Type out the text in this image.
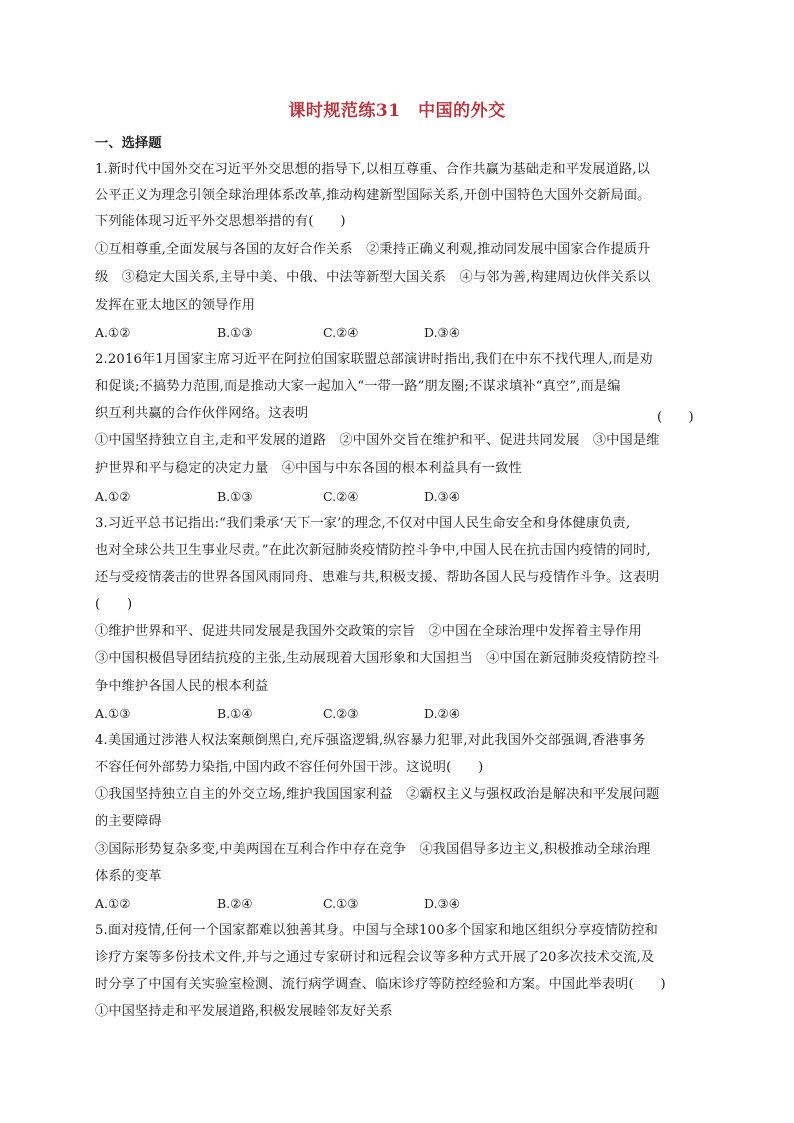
课时规范练31　中国的外交
一、选择题
1.新时代中国外交在习近平外交思想的指导下,以相互尊重、合作共赢为基础走和平发展道路,以
公平正义为理念引领全球治理体系改革,推动构建新型国际关系,开创中国特色大国外交新局面。
下列能体现习近平外交思想举措的有(　　)
①互相尊重,全面发展与各国的友好合作关系　②秉持正确义利观,推动同发展中国家合作提质升
级　③稳定大国关系,主导中美、中俄、中法等新型大国关系　④与邻为善,构建周边伙伴关系以
发挥在亚太地区的领导作用
A.①②	B.①③	C.②④	D.③④
2.2016年1月国家主席习近平在阿拉伯国家联盟总部演讲时指出,我们在中东不找代理人,而是劝
和促谈;不搞势力范围,而是推动大家一起加入“一带一路”朋友圈;不谋求填补“真空”,而是编
织互利共赢的合作伙伴网络。这表明	(　　)
①中国坚持独立自主,走和平发展的道路　②中国外交旨在维护和平、促进共同发展　③中国是维
护世界和平与稳定的决定力量　④中国与中东各国的根本利益具有一致性
A.①②	B.①③	C.②④	D.③④
3.习近平总书记指出:“我们秉承‘天下一家’的理念,不仅对中国人民生命安全和身体健康负责,
也对全球公共卫生事业尽责。”在此次新冠肺炎疫情防控斗争中,中国人民在抗击国内疫情的同时,
还与受疫情袭击的世界各国风雨同舟、患难与共,积极支援、帮助各国人民与疫情作斗争。这表明
(　　)
①维护世界和平、促进共同发展是我国外交政策的宗旨　②中国在全球治理中发挥着主导作用
③中国积极倡导团结抗疫的主张,生动展现着大国形象和大国担当　④中国在新冠肺炎疫情防控斗
争中维护各国人民的根本利益
A.①③	B.①④	C.②③	D.②④
4.美国通过涉港人权法案颠倒黑白,充斥强盗逻辑,纵容暴力犯罪,对此我国外交部强调,香港事务
不容任何外部势力染指,中国内政不容任何外国干涉。这说明(　　)
①我国坚持独立自主的外交立场,维护我国国家利益　②霸权主义与强权政治是解决和平发展问题
的主要障碍
③国际形势复杂多变,中美两国在互利合作中存在竞争　④我国倡导多边主义,积极推动全球治理
体系的变革
A.①②	B.②④	C.①③	D.③④
5.面对疫情,任何一个国家都难以独善其身。中国与全球100多个国家和地区组织分享疫情防控和
诊疗方案等多份技术文件,并与之通过专家研讨和远程会议等多种方式开展了20多次技术交流,及
时分享了中国有关实验室检测、流行病学调查、临床诊疗等防控经验和方案。中国此举表明(　　)
①中国坚持走和平发展道路,积极发展睦邻友好关系
